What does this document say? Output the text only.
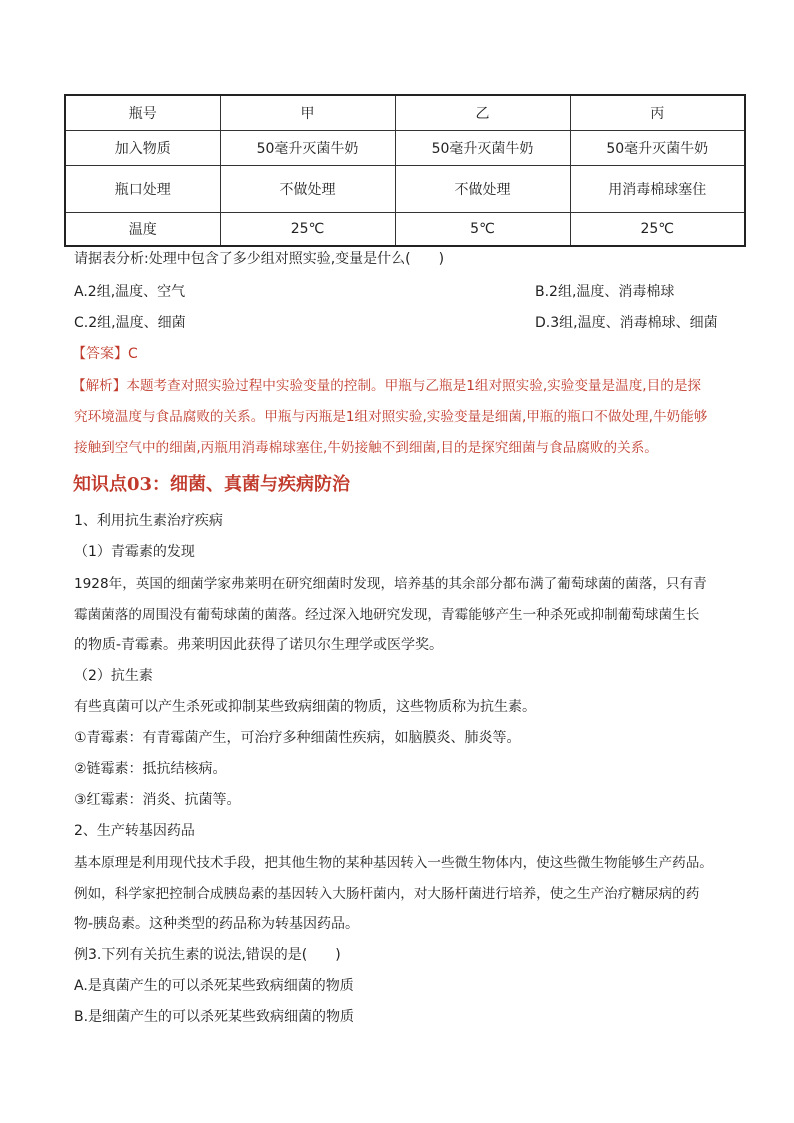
瓶号	甲	乙	丙
加入物质	50毫升灭菌牛奶	50毫升灭菌牛奶	50毫升灭菌牛奶
瓶口处理	不做处理	不做处理	用消毒棉球塞住
温度	25℃	5℃	25℃
请据表分析:处理中包含了多少组对照实验,变量是什么(　　)
A.2组,温度、空气	B.2组,温度、消毒棉球
C.2组,温度、细菌	D.3组,温度、消毒棉球、细菌
【答案】C
【解析】本题考查对照实验过程中实验变量的控制。甲瓶与乙瓶是1组对照实验,实验变量是温度,目的是探
究环境温度与食品腐败的关系。甲瓶与丙瓶是1组对照实验,实验变量是细菌,甲瓶的瓶口不做处理,牛奶能够
接触到空气中的细菌,丙瓶用消毒棉球塞住,牛奶接触不到细菌,目的是探究细菌与食品腐败的关系。
知识点03：细菌、真菌与疾病防治
1、利用抗生素治疗疾病
（1）青霉素的发现
1928年，英国的细菌学家弗莱明在研究细菌时发现，培养基的其余部分都布满了葡萄球菌的菌落，只有青
霉菌菌落的周围没有葡萄球菌的菌落。经过深入地研究发现，青霉能够产生一种杀死或抑制葡萄球菌生长
的物质-青霉素。弗莱明因此获得了诺贝尔生理学或医学奖。
（2）抗生素
有些真菌可以产生杀死或抑制某些致病细菌的物质，这些物质称为抗生素。
①青霉素：有青霉菌产生，可治疗多种细菌性疾病，如脑膜炎、肺炎等。
②链霉素：抵抗结核病。
③红霉素：消炎、抗菌等。
2、生产转基因药品
基本原理是利用现代技术手段，把其他生物的某种基因转入一些微生物体内，使这些微生物能够生产药品。
例如，科学家把控制合成胰岛素的基因转入大肠杆菌内，对大肠杆菌进行培养，使之生产治疗糖尿病的药
物-胰岛素。这种类型的药品称为转基因药品。
例3.下列有关抗生素的说法,错误的是(　　)
A.是真菌产生的可以杀死某些致病细菌的物质
B.是细菌产生的可以杀死某些致病细菌的物质
